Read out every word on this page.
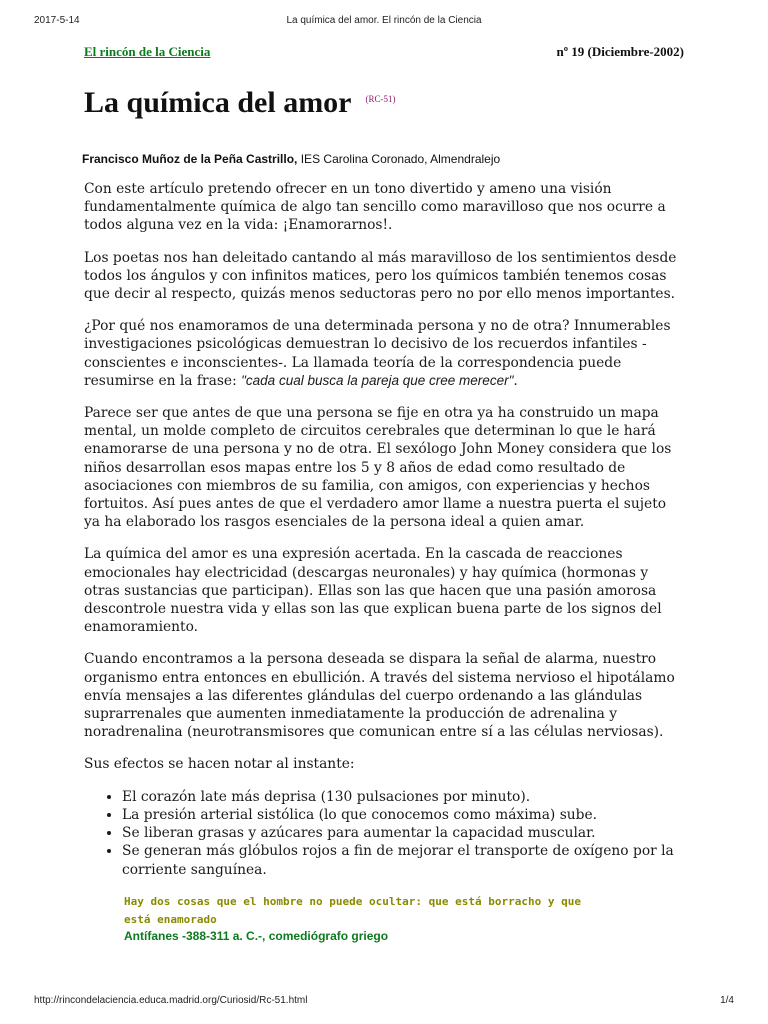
2017-5-14	La química del amor. El rincón de la Ciencia
El rincón de la Ciencia	nº 19 (Diciembre-2002)
La química del amor $^{(RC-51)}$
Francisco Muñoz de la Peña Castrillo, IES Carolina Coronado, Almendralejo

Con este artículo pretendo ofrecer en un tono divertido y ameno una visión fundamentalmente química de algo tan sencillo como maravilloso que nos ocurre a todos alguna vez en la vida: ¡Enamorarnos!.

Los poetas nos han deleitado cantando al más maravilloso de los sentimientos desde todos los ángulos y con infinitos matices, pero los químicos también tenemos cosas que decir al respecto, quizás menos seductoras pero no por ello menos importantes.

¿Por qué nos enamoramos de una determinada persona y no de otra? Innumerables investigaciones psicológicas demuestran lo decisivo de los recuerdos infantiles -conscientes e inconscientes-. La llamada teoría de la correspondencia puede resumirse en la frase: "cada cual busca la pareja que cree merecer".

Parece ser que antes de que una persona se fije en otra ya ha construido un mapa mental, un molde completo de circuitos cerebrales que determinan lo que le hará enamorarse de una persona y no de otra. El sexólogo John Money considera que los niños desarrollan esos mapas entre los 5 y 8 años de edad como resultado de asociaciones con miembros de su familia, con amigos, con experiencias y hechos fortuitos. Así pues antes de que el verdadero amor llame a nuestra puerta el sujeto ya ha elaborado los rasgos esenciales de la persona ideal a quien amar.

La química del amor es una expresión acertada. En la cascada de reacciones emocionales hay electricidad (descargas neuronales) y hay química (hormonas y otras sustancias que participan). Ellas son las que hacen que una pasión amorosa descontrole nuestra vida y ellas son las que explican buena parte de los signos del enamoramiento.

Cuando encontramos a la persona deseada se dispara la señal de alarma, nuestro organismo entra entonces en ebullición. A través del sistema nervioso el hipotálamo envía mensajes a las diferentes glándulas del cuerpo ordenando a las glándulas suprarrenales que aumenten inmediatamente la producción de adrenalina y noradrenalina (neurotransmisores que comunican entre sí a las células nerviosas).

Sus efectos se hacen notar al instante:

• El corazón late más deprisa (130 pulsaciones por minuto).
• La presión arterial sistólica (lo que conocemos como máxima) sube.
• Se liberan grasas y azúcares para aumentar la capacidad muscular.
• Se generan más glóbulos rojos a fin de mejorar el transporte de oxígeno por la corriente sanguínea.
Hay dos cosas que el hombre no puede ocultar: que está borracho y que está enamorado
Antífanes -388-311 a. C.-, comediógrafo griego
http://rincondelaciencia.educa.madrid.org/Curiosid/Rc-51.html	1/4
